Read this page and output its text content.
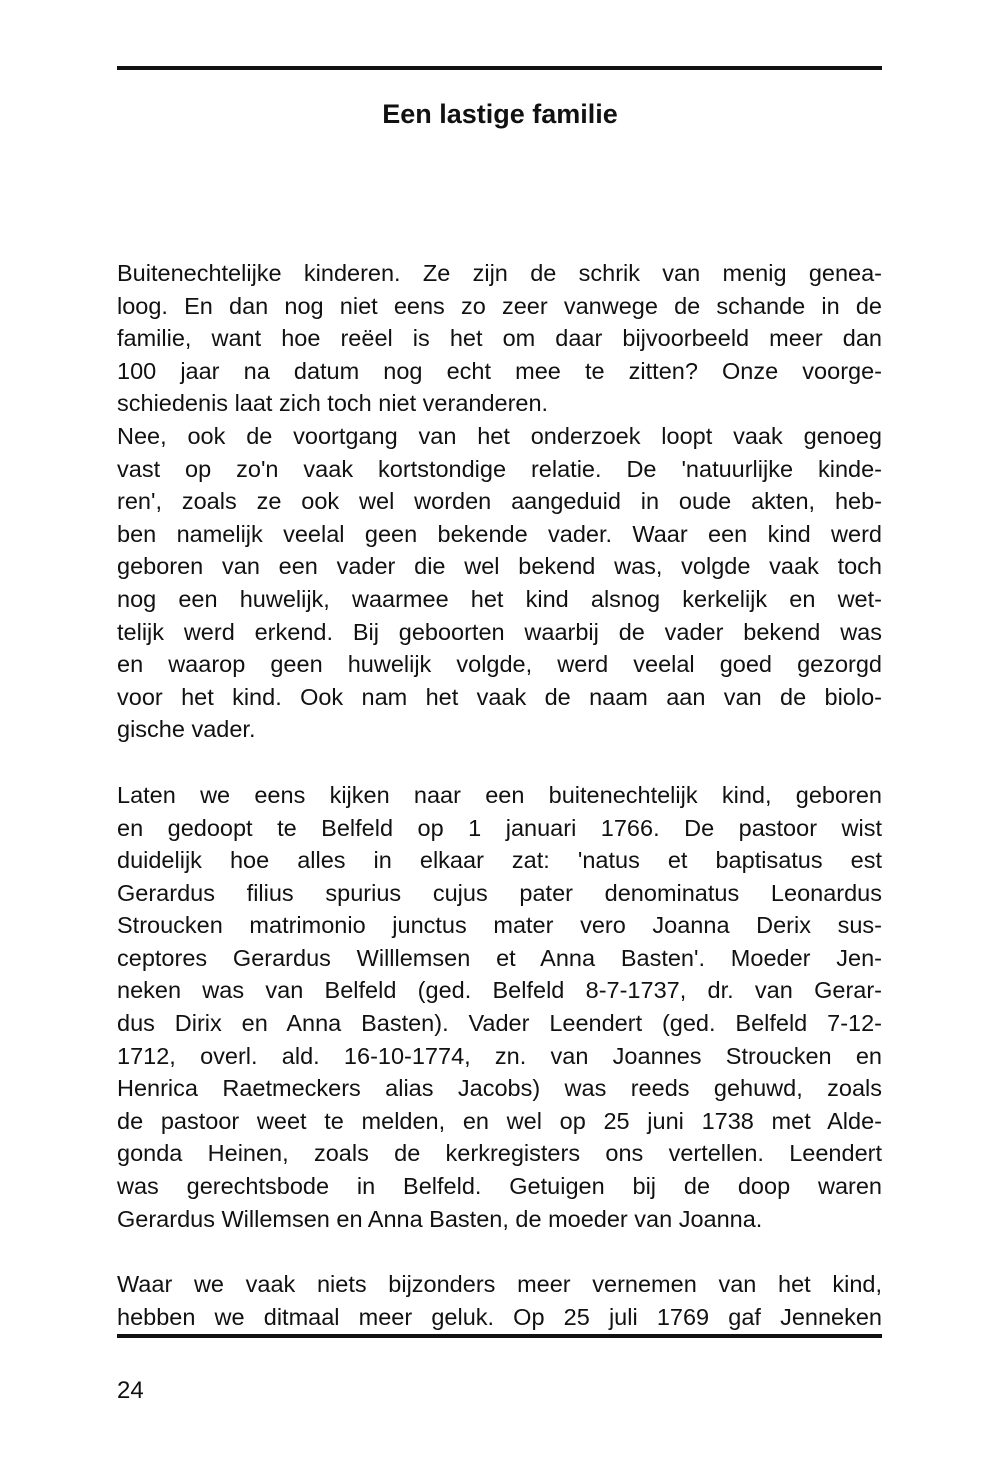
Een lastige familie

Buitenechtelijke kinderen. Ze zijn de schrik van menig genea-
loog. En dan nog niet eens zo zeer vanwege de schande in de
familie, want hoe reëel is het om daar bijvoorbeeld meer dan
100 jaar na datum nog echt mee te zitten? Onze voorge-
schiedenis laat zich toch niet veranderen.

Nee, ook de voortgang van het onderzoek loopt vaak genoeg
vast op zo'n vaak kortstondige relatie. De 'natuurlijke kinde-
ren', zoals ze ook wel worden aangeduid in oude akten, heb-
ben namelijk veelal geen bekende vader. Waar een kind werd
geboren van een vader die wel bekend was, volgde vaak toch
nog een huwelijk, waarmee het kind alsnog kerkelijk en wet-
telijk werd erkend. Bij geboorten waarbij de vader bekend was
en waarop geen huwelijk volgde, werd veelal goed gezorgd
voor het kind. Ook nam het vaak de naam aan van de biolo-
gische vader.

Laten we eens kijken naar een buitenechtelijk kind, geboren
en gedoopt te Belfeld op 1 januari 1766. De pastoor wist
duidelijk hoe alles in elkaar zat: 'natus et baptisatus est
Gerardus filius spurius cujus pater denominatus Leonardus
Stroucken matrimonio junctus mater vero Joanna Derix sus-
ceptores Gerardus Willlemsen et Anna Basten'. Moeder Jen-
neken was van Belfeld (ged. Belfeld 8-7-1737, dr. van Gerar-
dus Dirix en Anna Basten). Vader Leendert (ged. Belfeld 7-12-
1712, overl. ald. 16-10-1774, zn. van Joannes Stroucken en
Henrica Raetmeckers alias Jacobs) was reeds gehuwd, zoals
de pastoor weet te melden, en wel op 25 juni 1738 met Alde-
gonda Heinen, zoals de kerkregisters ons vertellen. Leendert
was gerechtsbode in Belfeld. Getuigen bij de doop waren
Gerardus Willemsen en Anna Basten, de moeder van Joanna.

Waar we vaak niets bijzonders meer vernemen van het kind,
hebben we ditmaal meer geluk. Op 25 juli 1769 gaf Jenneken

24
